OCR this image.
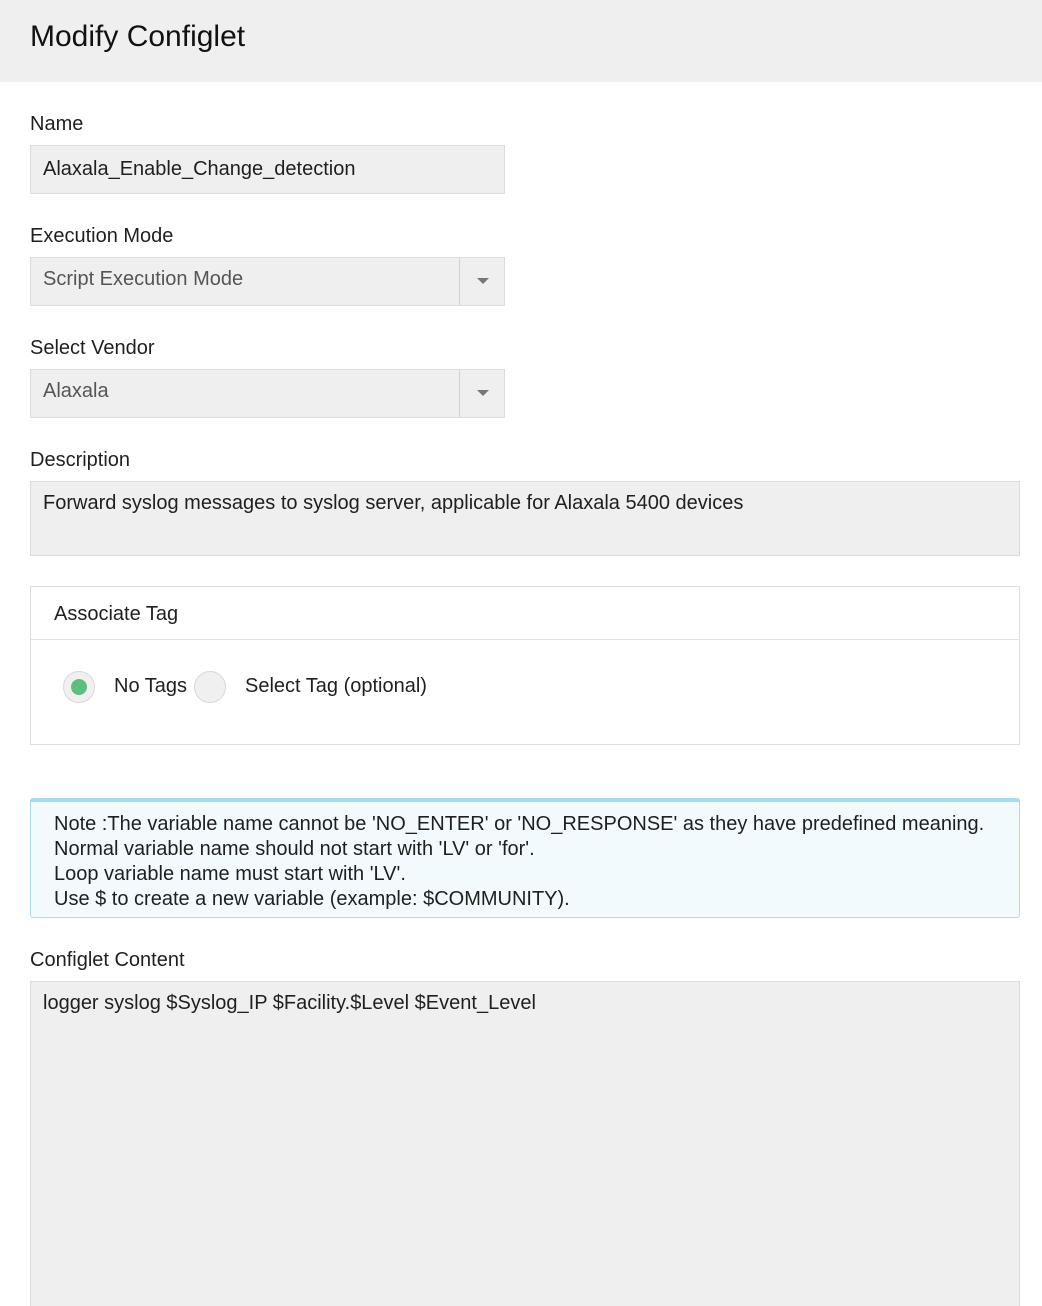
Modify Configlet
Name
Alaxala_Enable_Change_detection
Execution Mode
Script Execution Mode
Select Vendor
Alaxala
Description
Forward syslog messages to syslog server, applicable for Alaxala 5400 devices
Associate Tag
No Tags	Select Tag (optional)
Note :The variable name cannot be 'NO_ENTER' or 'NO_RESPONSE' as they have predefined meaning.
Normal variable name should not start with 'LV' or 'for'.
Loop variable name must start with 'LV'.
Use $ to create a new variable (example: $COMMUNITY).
Configlet Content
logger syslog $Syslog_IP $Facility.$Level $Event_Level
